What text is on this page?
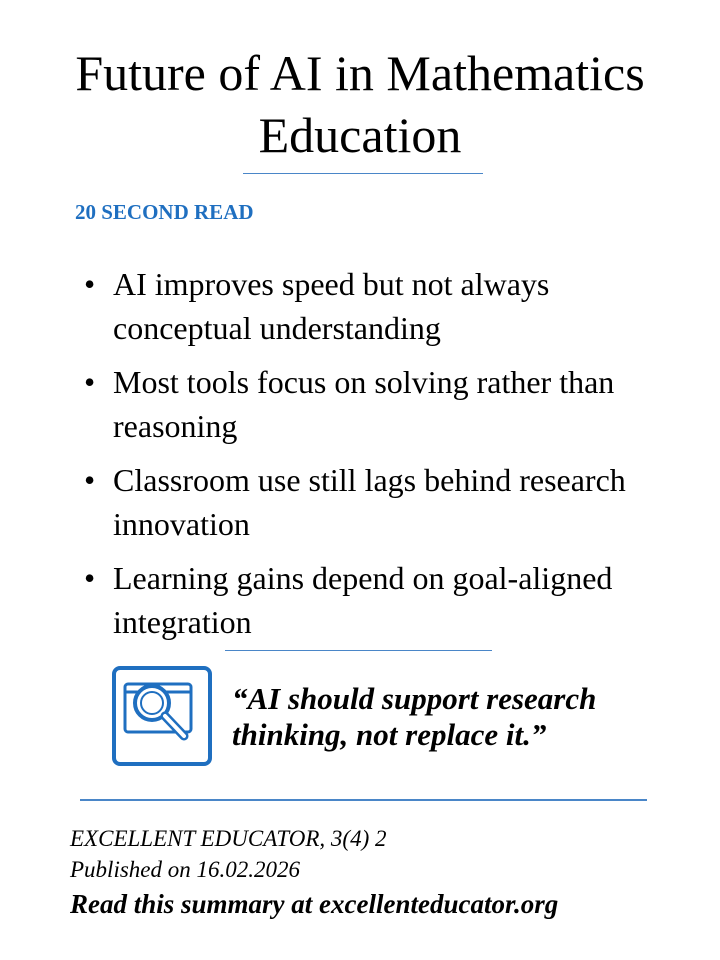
Future of AI in Mathematics Education
20 SECOND READ
• AI improves speed but not always conceptual understanding
• Most tools focus on solving rather than reasoning
• Classroom use still lags behind research innovation
• Learning gains depend on goal-aligned integration
“AI should support research thinking, not replace it.”
EXCELLENT EDUCATOR, 3(4) 2
Published on 16.02.2026
Read this summary at excellenteducator.org
